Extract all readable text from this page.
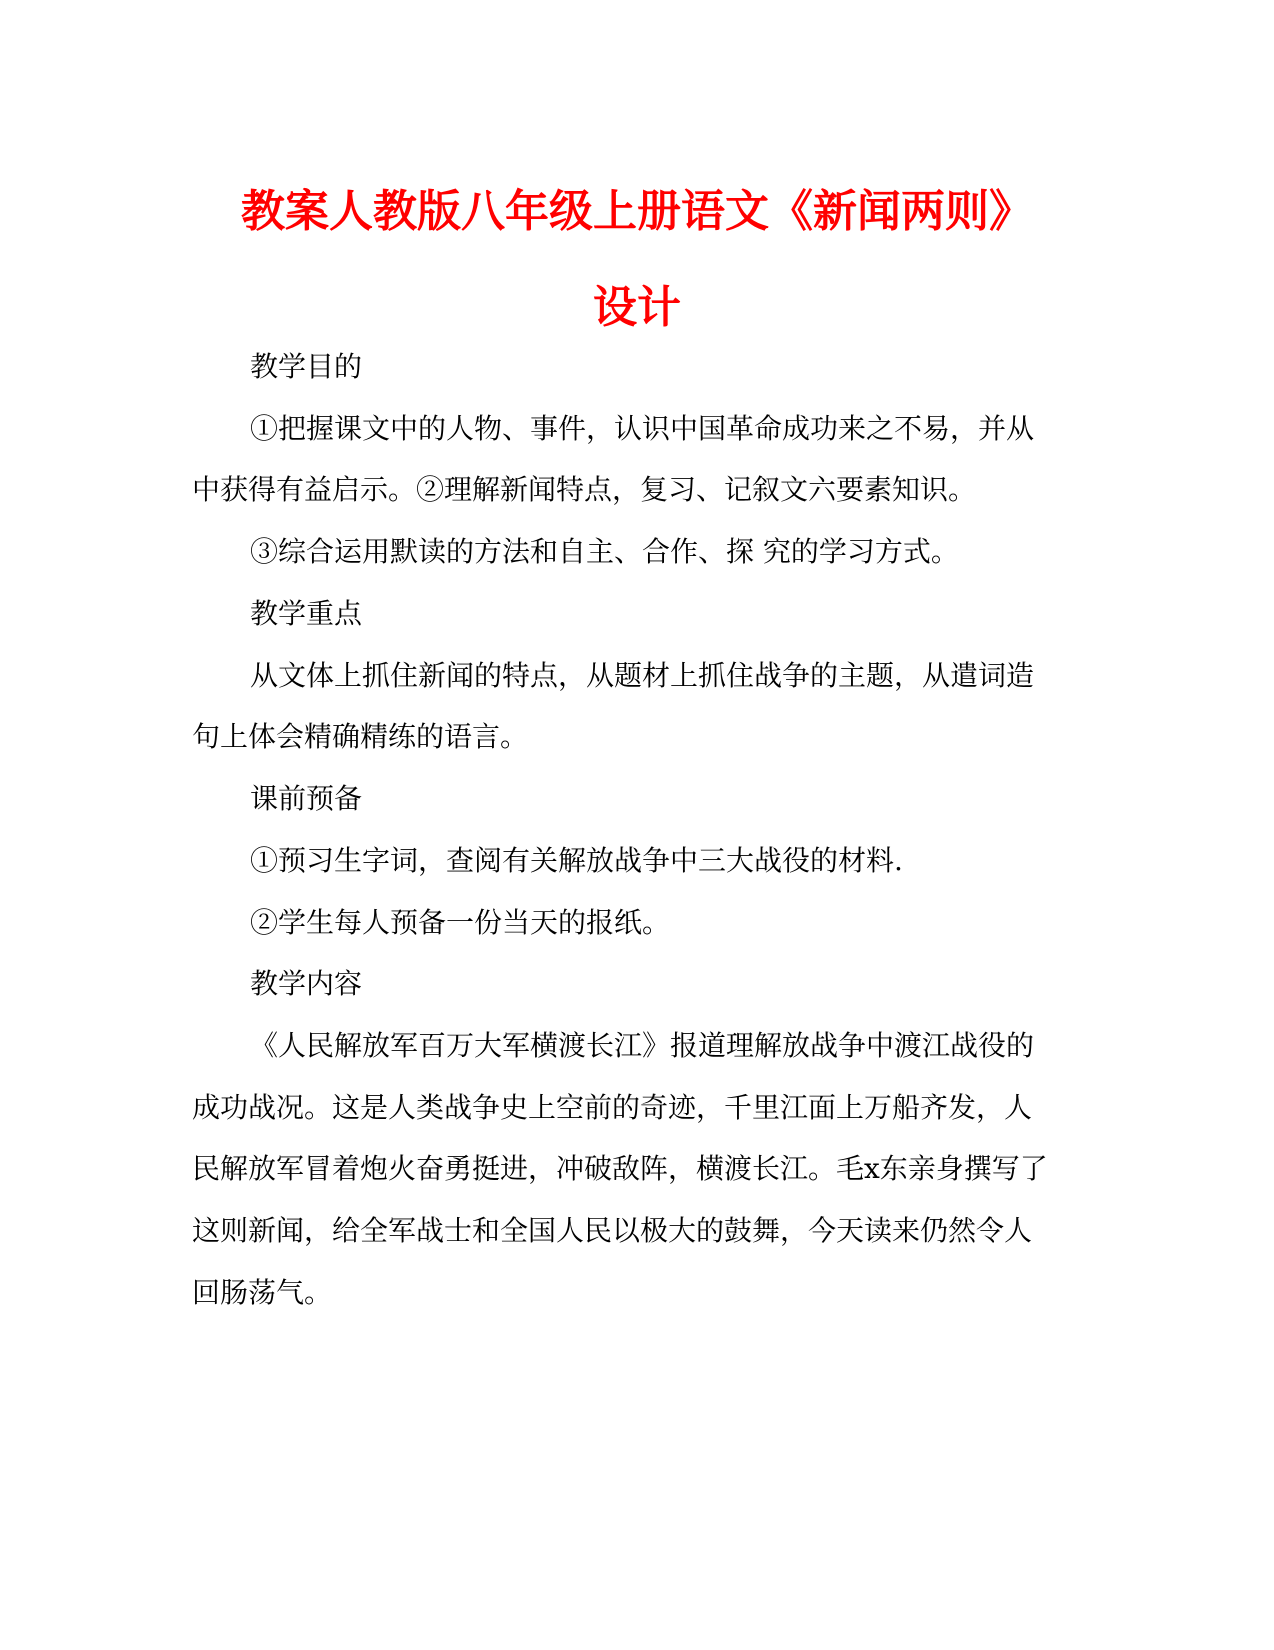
教案人教版八年级上册语文《新闻两则》
设计

教学目的

①把握课文中的人物、事件，认识中国革命成功来之不易，并从

中获得有益启示。②理解新闻特点，复习、记叙文六要素知识。

③综合运用默读的方法和自主、合作、探 究的学习方式。

教学重点

从文体上抓住新闻的特点，从题材上抓住战争的主题，从遣词造

句上体会精确精练的语言。

课前预备

①预习生字词，查阅有关解放战争中三大战役的材料.

②学生每人预备一份当天的报纸。

教学内容

《人民解放军百万大军横渡长江》报道理解放战争中渡江战役的

成功战况。这是人类战争史上空前的奇迹，千里江面上万船齐发，人

民解放军冒着炮火奋勇挺进，冲破敌阵，横渡长江。毛x东亲身撰写了

这则新闻，给全军战士和全国人民以极大的鼓舞，今天读来仍然令人

回肠荡气。
